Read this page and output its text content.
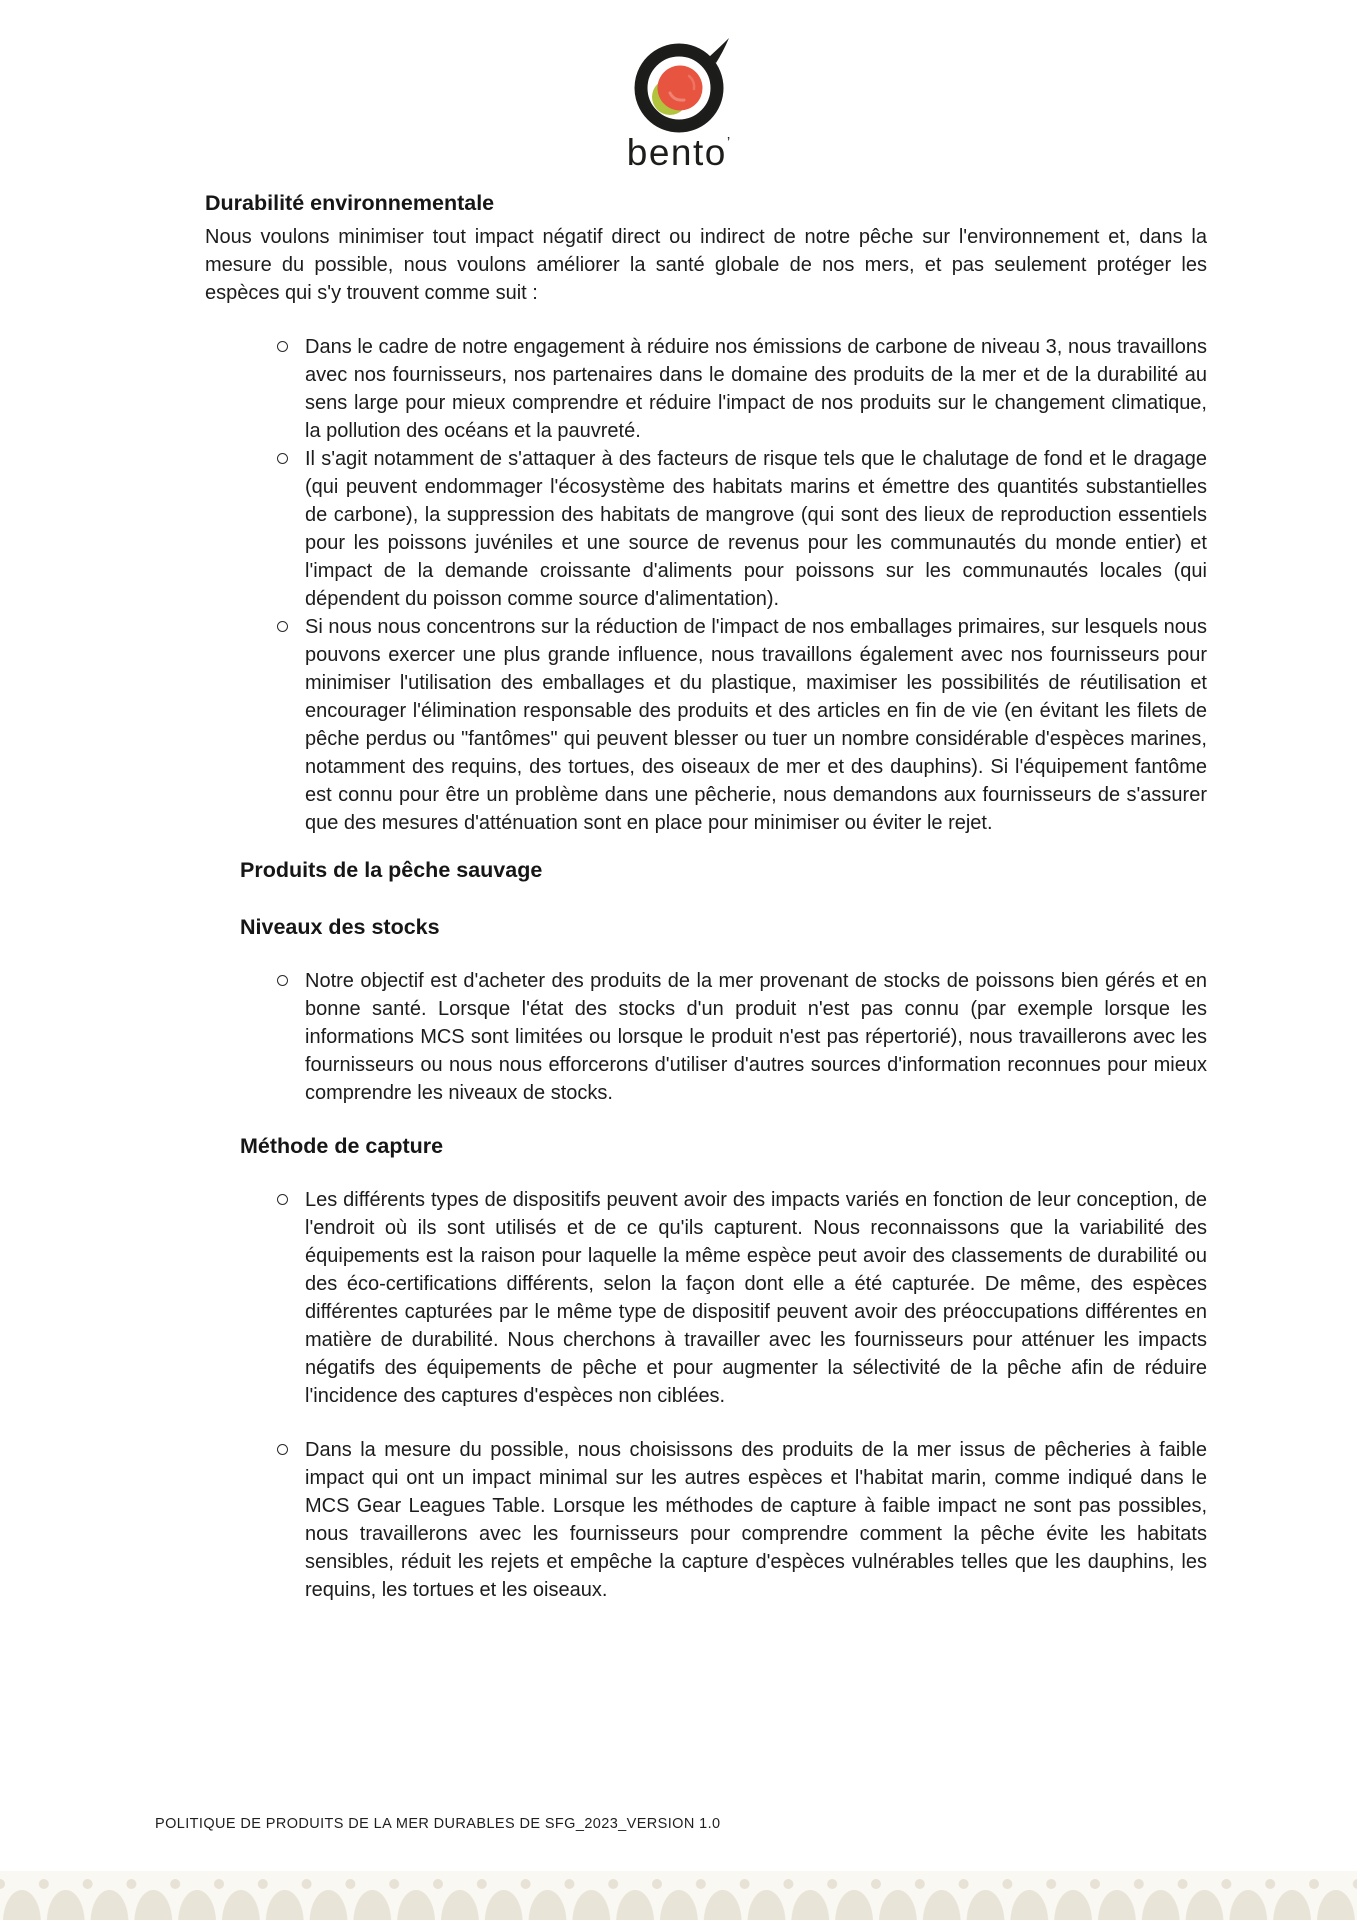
bento’
Durabilité environnementale

Nous voulons minimiser tout impact négatif direct ou indirect de notre pêche sur l'environnement et, dans la mesure du possible, nous voulons améliorer la santé globale de nos mers, et pas seulement protéger les espèces qui s'y trouvent comme suit :

Dans le cadre de notre engagement à réduire nos émissions de carbone de niveau 3, nous travaillons avec nos fournisseurs, nos partenaires dans le domaine des produits de la mer et de la durabilité au sens large pour mieux comprendre et réduire l'impact de nos produits sur le changement climatique, la pollution des océans et la pauvreté.
Il s'agit notamment de s'attaquer à des facteurs de risque tels que le chalutage de fond et le dragage (qui peuvent endommager l'écosystème des habitats marins et émettre des quantités substantielles de carbone), la suppression des habitats de mangrove (qui sont des lieux de reproduction essentiels pour les poissons juvéniles et une source de revenus pour les communautés du monde entier) et l'impact de la demande croissante d'aliments pour poissons sur les communautés locales (qui dépendent du poisson comme source d'alimentation).
Si nous nous concentrons sur la réduction de l'impact de nos emballages primaires, sur lesquels nous pouvons exercer une plus grande influence, nous travaillons également avec nos fournisseurs pour minimiser l'utilisation des emballages et du plastique, maximiser les possibilités de réutilisation et encourager l'élimination responsable des produits et des articles en fin de vie (en évitant les filets de pêche perdus ou "fantômes" qui peuvent blesser ou tuer un nombre considérable d'espèces marines, notamment des requins, des tortues, des oiseaux de mer et des dauphins). Si l'équipement fantôme est connu pour être un problème dans une pêcherie, nous demandons aux fournisseurs de s'assurer que des mesures d'atténuation sont en place pour minimiser ou éviter le rejet.
Produits de la pêche sauvage
Niveaux des stocks
Notre objectif est d'acheter des produits de la mer provenant de stocks de poissons bien gérés et en bonne santé. Lorsque l'état des stocks d'un produit n'est pas connu (par exemple lorsque les informations MCS sont limitées ou lorsque le produit n'est pas répertorié), nous travaillerons avec les fournisseurs ou nous nous efforcerons d'utiliser d'autres sources d'information reconnues pour mieux comprendre les niveaux de stocks.
Méthode de capture
Les différents types de dispositifs peuvent avoir des impacts variés en fonction de leur conception, de l'endroit où ils sont utilisés et de ce qu'ils capturent. Nous reconnaissons que la variabilité des équipements est la raison pour laquelle la même espèce peut avoir des classements de durabilité ou des éco-certifications différents, selon la façon dont elle a été capturée. De même, des espèces différentes capturées par le même type de dispositif peuvent avoir des préoccupations différentes en matière de durabilité. Nous cherchons à travailler avec les fournisseurs pour atténuer les impacts négatifs des équipements de pêche et pour augmenter la sélectivité de la pêche afin de réduire l'incidence des captures d'espèces non ciblées.
Dans la mesure du possible, nous choisissons des produits de la mer issus de pêcheries à faible impact qui ont un impact minimal sur les autres espèces et l'habitat marin, comme indiqué dans le MCS Gear Leagues Table. Lorsque les méthodes de capture à faible impact ne sont pas possibles, nous travaillerons avec les fournisseurs pour comprendre comment la pêche évite les habitats sensibles, réduit les rejets et empêche la capture d'espèces vulnérables telles que les dauphins, les requins, les tortues et les oiseaux.
POLITIQUE DE PRODUITS DE LA MER DURABLES DE SFG_2023_VERSION 1.0
